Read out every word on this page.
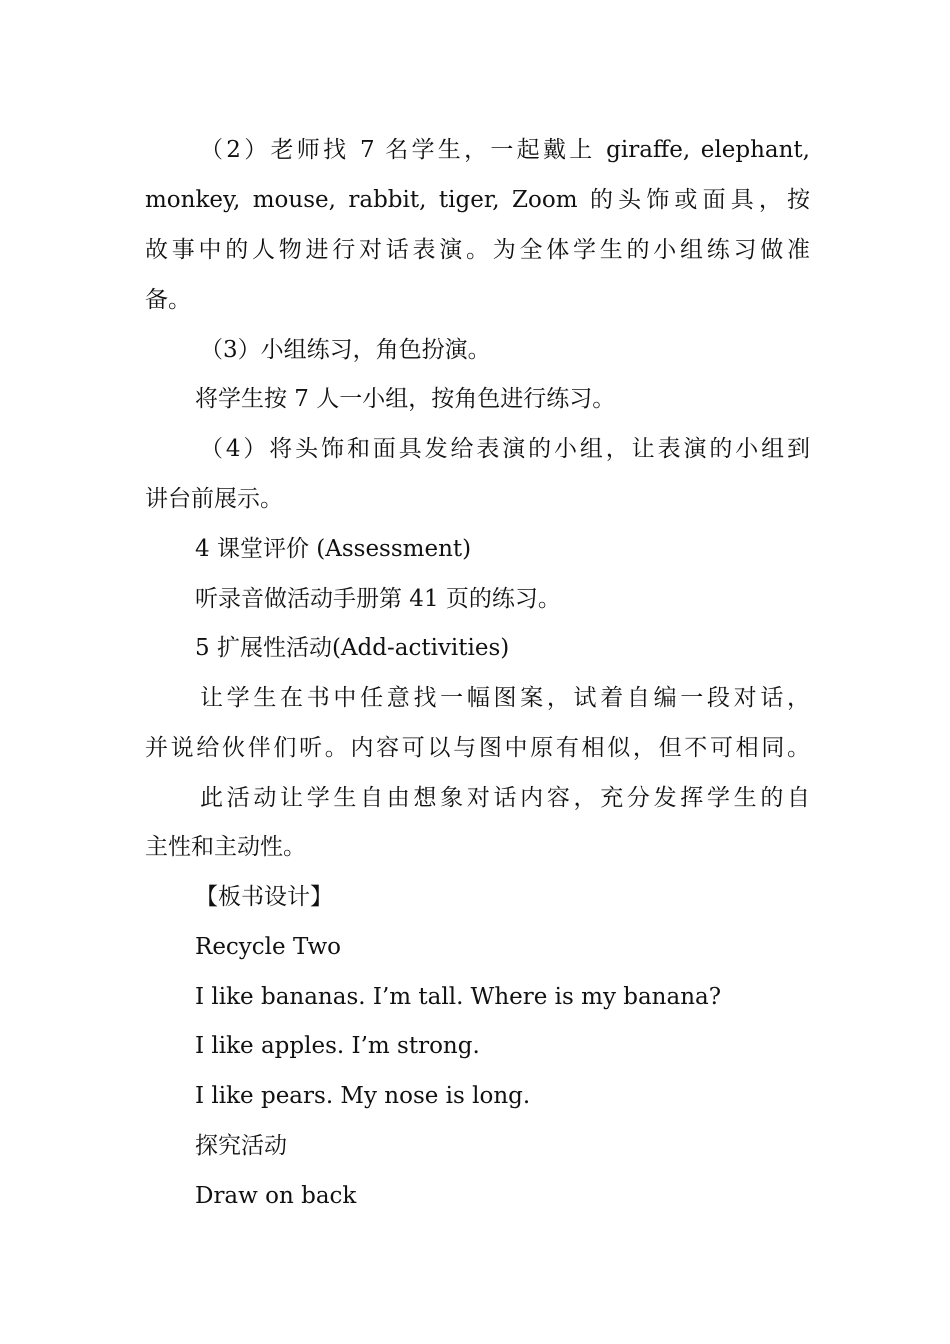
（2）老师找 7 名学生，一起戴上 giraffe, elephant,
monkey, mouse, rabbit, tiger, Zoom 的头饰或面具，按
故事中的人物进行对话表演。为全体学生的小组练习做准
备。
（3）小组练习，角色扮演。
将学生按 7 人一小组，按角色进行练习。
（4）将头饰和面具发给表演的小组，让表演的小组到
讲台前展示。
4 课堂评价 (Assessment)
听录音做活动手册第 41 页的练习。
5 扩展性活动(Add-activities)
让学生在书中任意找一幅图案，试着自编一段对话，
并说给伙伴们听。内容可以与图中原有相似，但不可相同。
此活动让学生自由想象对话内容，充分发挥学生的自
主性和主动性。
【板书设计】
Recycle Two
I like bananas. I’m tall. Where is my banana?
I like apples. I’m strong.
I like pears. My nose is long.
探究活动
Draw on back
